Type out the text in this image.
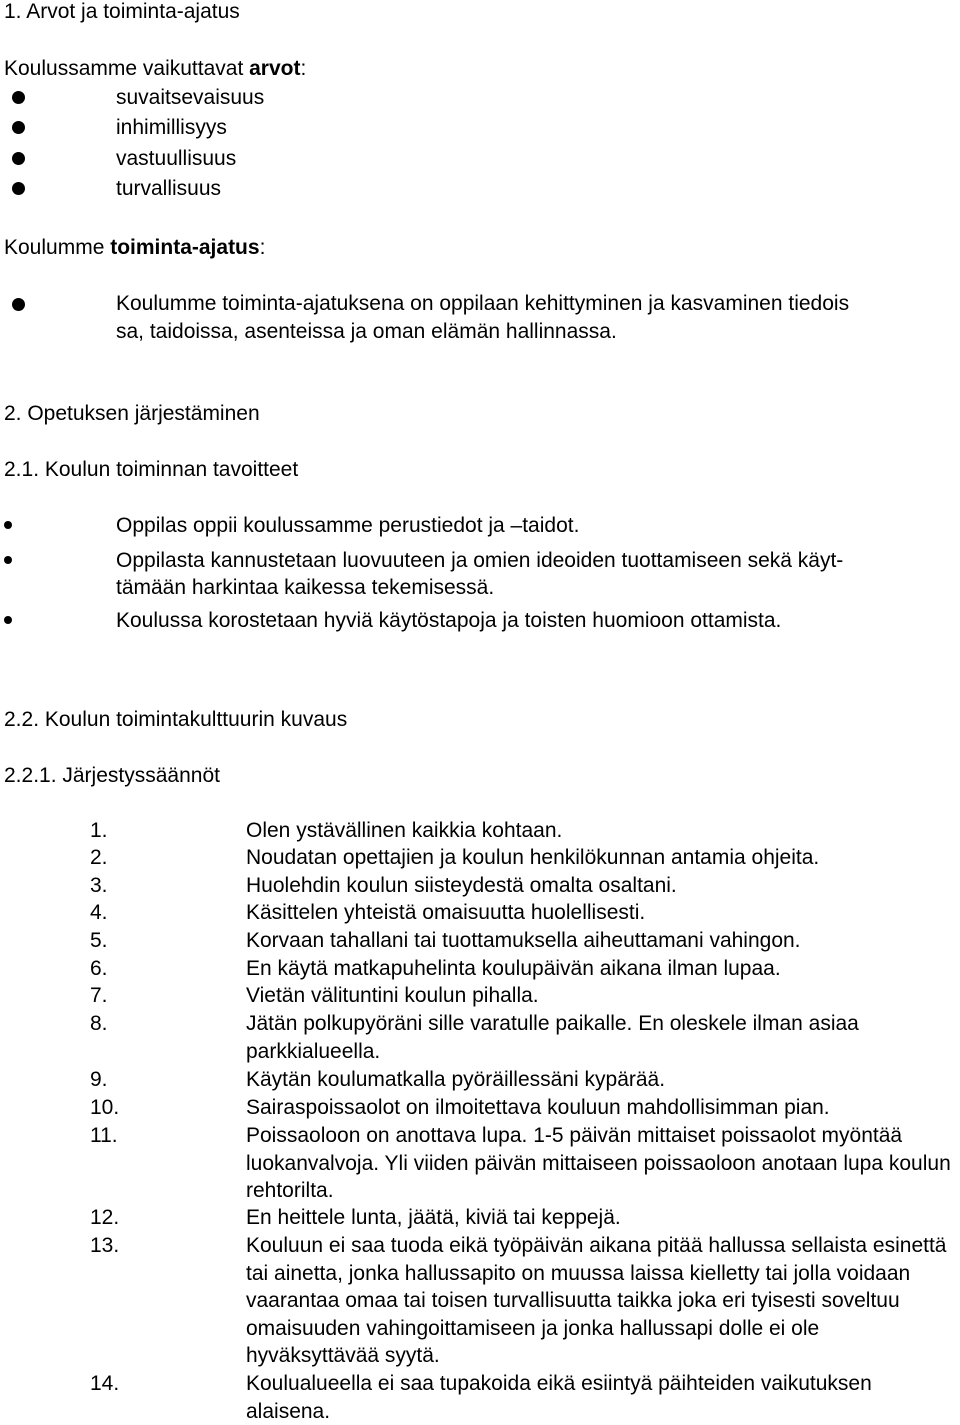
1. Arvot ja toiminta-ajatus
Koulussamme vaikuttavat arvot:
suvaitsevaisuus
inhimillisyys
vastuullisuus
turvallisuus
Koulumme toiminta-ajatus:
Koulumme toiminta-ajatuksena on oppilaan kehittyminen ja kasvaminen tiedois
sa, taidoissa, asenteissa ja oman elämän hallinnassa.
2. Opetuksen järjestäminen
2.1. Koulun toiminnan tavoitteet
Oppilas oppii koulussamme perustiedot ja –taidot.
Oppilasta kannustetaan luovuuteen ja omien ideoiden tuottamiseen sekä käyt-
tämään harkintaa kaikessa tekemisessä.
Koulussa korostetaan hyviä käytöstapoja ja toisten huomioon ottamista.
2.2. Koulun toimintakulttuurin kuvaus
2.2.1. Järjestyssäännöt
1.	Olen ystävällinen kaikkia kohtaan.
2.	Noudatan opettajien ja koulun henkilökunnan antamia ohjeita.
3.	Huolehdin koulun siisteydestä omalta osaltani.
4.	Käsittelen yhteistä omaisuutta huolellisesti.
5.	Korvaan tahallani tai tuottamuksella aiheuttamani vahingon.
6.	En käytä matkapuhelinta koulupäivän aikana ilman lupaa.
7.	Vietän välituntini koulun pihalla.
8.	Jätän polkupyöräni sille varatulle paikalle. En oleskele ilman asiaa parkkialueella.
9.	Käytän koulumatkalla pyöräillessäni kypärää.
10.	Sairaspoissaolot on ilmoitettava kouluun mahdollisimman pian.
11.	Poissaoloon on anottava lupa. 1-5 päivän mittaiset poissaolot myöntää luokanvalvoja. Yli viiden päivän mittaiseen poissaoloon anotaan lupa koulun rehtorilta.
12.	En heittele lunta, jäätä, kiviä tai keppejä.
13.	Kouluun ei saa tuoda eikä työpäivän aikana pitää hallussa sellaista esinettä tai ainetta, jonka hallussapito on muussa laissa kielletty tai jolla voidaan vaarantaa omaa tai toisen turvallisuutta taikka joka eri tyisesti soveltuu omaisuuden vahingoittamiseen ja jonka hallussapi dolle ei ole hyväksyttävää syytä.
14.	Koulualueella ei saa tupakoida eikä esiintyä päihteiden vaikutuksen alaisena.
